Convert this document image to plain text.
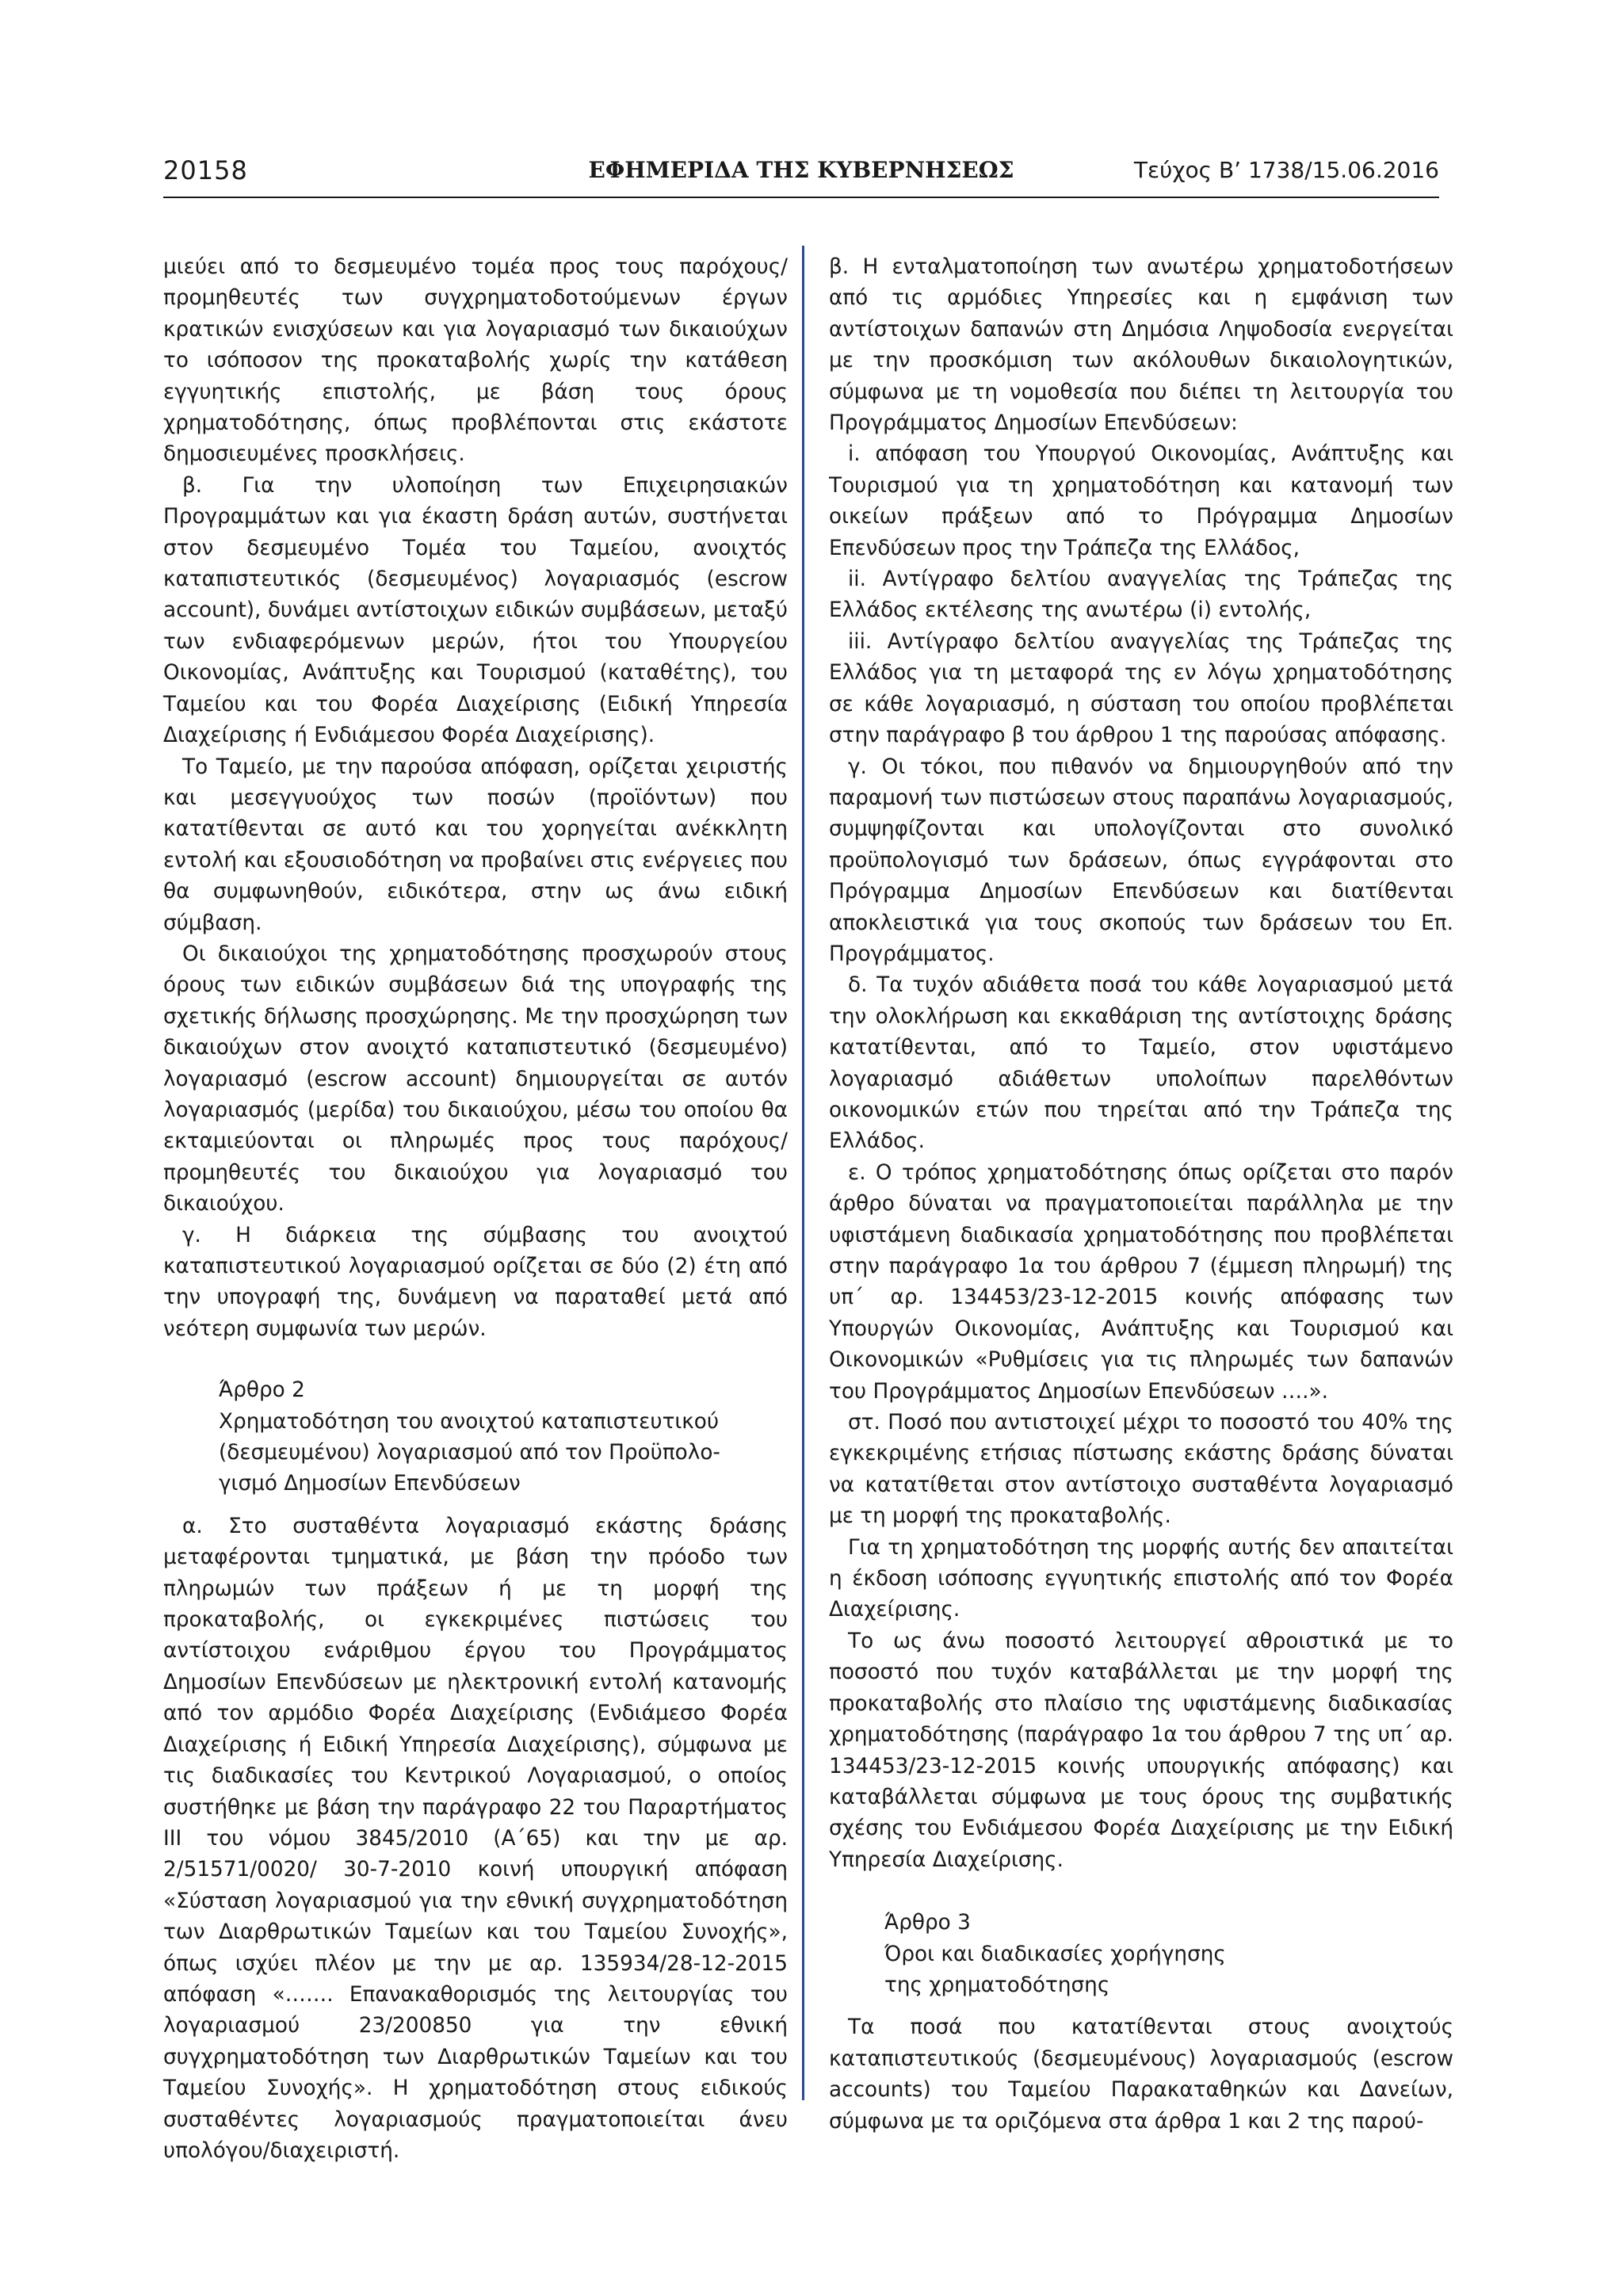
20158	ΕΦΗΜΕΡΙΔΑ ΤΗΣ ΚΥΒΕΡΝΗΣΕΩΣ	Τεύχος Β’ 1738/15.06.2016

μιεύει από το δεσμευμένο τομέα προς τους παρόχους/ προμηθευτές των συγχρηματοδοτούμενων έργων κρατικών ενισχύσεων και για λογαριασμό των δικαιούχων το ισόποσον της προκαταβολής χωρίς την κατάθεση εγγυητικής επιστολής, με βάση τους όρους χρηματοδότησης, όπως προβλέπονται στις εκάστοτε δημοσιευμένες προσκλήσεις.

β. Για την υλοποίηση των Επιχειρησιακών Προγραμμάτων και για έκαστη δράση αυτών, συστήνεται στον δεσμευμένο Τομέα του Ταμείου, ανοιχτός καταπιστευτικός (δεσμευμένος) λογαριασμός (escrow account), δυνάμει αντίστοιχων ειδικών συμβάσεων, μεταξύ των ενδιαφερόμενων μερών, ήτοι του Υπουργείου Οικονομίας, Ανάπτυξης και Τουρισμού (καταθέτης), του Ταμείου και του Φορέα Διαχείρισης (Ειδική Υπηρεσία Διαχείρισης ή Ενδιάμεσου Φορέα Διαχείρισης).

Το Ταμείο, με την παρούσα απόφαση, ορίζεται χειριστής και μεσεγγυούχος των ποσών (προϊόντων) που κατατίθενται σε αυτό και του χορηγείται ανέκκλητη εντολή και εξουσιοδότηση να προβαίνει στις ενέργειες που θα συμφωνηθούν, ειδικότερα, στην ως άνω ειδική σύμβαση.

Οι δικαιούχοι της χρηματοδότησης προσχωρούν στους όρους των ειδικών συμβάσεων διά της υπογραφής της σχετικής δήλωσης προσχώρησης. Με την προσχώρηση των δικαιούχων στον ανοιχτό καταπιστευτικό (δεσμευμένο) λογαριασμό (escrow account) δημιουργείται σε αυτόν λογαριασμός (μερίδα) του δικαιούχου, μέσω του οποίου θα εκταμιεύονται οι πληρωμές προς τους παρόχους/προμηθευτές του δικαιούχου για λογαριασμό του δικαιούχου.

γ. Η διάρκεια της σύμβασης του ανοιχτού καταπιστευτικού λογαριασμού ορίζεται σε δύο (2) έτη από την υπογραφή της, δυνάμενη να παραταθεί μετά από νεότερη συμφωνία των μερών.

Άρθρο 2
Χρηματοδότηση του ανοιχτού καταπιστευτικού
(δεσμευμένου) λογαριασμού από τον Προϋπολο-
γισμό Δημοσίων Επενδύσεων

α. Στο συσταθέντα λογαριασμό εκάστης δράσης μεταφέρονται τμηματικά, με βάση την πρόοδο των πληρωμών των πράξεων ή με τη μορφή της προκαταβολής, οι εγκεκριμένες πιστώσεις του αντίστοιχου ενάριθμου έργου του Προγράμματος Δημοσίων Επενδύσεων με ηλεκτρονική εντολή κατανομής από τον αρμόδιο Φορέα Διαχείρισης (Ενδιάμεσο Φορέα Διαχείρισης ή Ειδική Υπηρεσία Διαχείρισης), σύμφωνα με τις διαδικασίες του Κεντρικού Λογαριασμού, ο οποίος συστήθηκε με βάση την παράγραφο 22 του Παραρτήματος ΙΙΙ του νόμου 3845/2010 (Α΄65) και την με αρ. 2/51571/0020/ 30-7-2010 κοινή υπουργική απόφαση «Σύσταση λογαριασμού για την εθνική συγχρηματοδότηση των Διαρθρωτικών Ταμείων και του Ταμείου Συνοχής», όπως ισχύει πλέον με την με αρ. 135934/28-12-2015 απόφαση «……. Επανακαθορισμός της λειτουργίας του λογαριασμού 23/200850 για την εθνική συγχρηματοδότηση των Διαρθρωτικών Ταμείων και του Ταμείου Συνοχής». Η χρηματοδότηση στους ειδικούς συσταθέντες λογαριασμούς πραγματοποιείται άνευ υπολόγου/διαχειριστή.

β. Η ενταλματοποίηση των ανωτέρω χρηματοδοτήσεων από τις αρμόδιες Υπηρεσίες και η εμφάνιση των αντίστοιχων δαπανών στη Δημόσια Ληψοδοσία ενεργείται με την προσκόμιση των ακόλουθων δικαιολογητικών, σύμφωνα με τη νομοθεσία που διέπει τη λειτουργία του Προγράμματος Δημοσίων Επενδύσεων:

i. απόφαση του Υπουργού Οικονομίας, Ανάπτυξης και Τουρισμού για τη χρηματοδότηση και κατανομή των οικείων πράξεων από το Πρόγραμμα Δημοσίων Επενδύσεων προς την Τράπεζα της Ελλάδος,

ii. Αντίγραφο δελτίου αναγγελίας της Τράπεζας της Ελλάδος εκτέλεσης της ανωτέρω (i) εντολής,

iii. Αντίγραφο δελτίου αναγγελίας της Τράπεζας της Ελλάδος για τη μεταφορά της εν λόγω χρηματοδότησης σε κάθε λογαριασμό, η σύσταση του οποίου προβλέπεται στην παράγραφο β του άρθρου 1 της παρούσας απόφασης.

γ. Οι τόκοι, που πιθανόν να δημιουργηθούν από την παραμονή των πιστώσεων στους παραπάνω λογαριασμούς, συμψηφίζονται και υπολογίζονται στο συνολικό προϋπολογισμό των δράσεων, όπως εγγράφονται στο Πρόγραμμα Δημοσίων Επενδύσεων και διατίθενται αποκλειστικά για τους σκοπούς των δράσεων του Επ. Προγράμματος.

δ. Τα τυχόν αδιάθετα ποσά του κάθε λογαριασμού μετά την ολοκλήρωση και εκκαθάριση της αντίστοιχης δράσης κατατίθενται, από το Ταμείο, στον υφιστάμενο λογαριασμό αδιάθετων υπολοίπων παρελθόντων οικονομικών ετών που τηρείται από την Τράπεζα της Ελλάδος.

ε. Ο τρόπος χρηματοδότησης όπως ορίζεται στο παρόν άρθρο δύναται να πραγματοποιείται παράλληλα με την υφιστάμενη διαδικασία χρηματοδότησης που προβλέπεται στην παράγραφο 1α του άρθρου 7 (έμμεση πληρωμή) της υπ΄ αρ. 134453/23-12-2015 κοινής απόφασης των Υπουργών Οικονομίας, Ανάπτυξης και Τουρισμού και Οικονομικών «Ρυθμίσεις για τις πληρωμές των δαπανών του Προγράμματος Δημοσίων Επενδύσεων ….».

στ. Ποσό που αντιστοιχεί μέχρι το ποσοστό του 40% της εγκεκριμένης ετήσιας πίστωσης εκάστης δράσης δύναται να κατατίθεται στον αντίστοιχο συσταθέντα λογαριασμό με τη μορφή της προκαταβολής.

Για τη χρηματοδότηση της μορφής αυτής δεν απαιτείται η έκδοση ισόποσης εγγυητικής επιστολής από τον Φορέα Διαχείρισης.

Το ως άνω ποσοστό λειτουργεί αθροιστικά με το ποσοστό που τυχόν καταβάλλεται με την μορφή της προκαταβολής στο πλαίσιο της υφιστάμενης διαδικασίας χρηματοδότησης (παράγραφο 1α του άρθρου 7 της υπ΄ αρ. 134453/23-12-2015 κοινής υπουργικής απόφασης) και καταβάλλεται σύμφωνα με τους όρους της συμβατικής σχέσης του Ενδιάμεσου Φορέα Διαχείρισης με την Ειδική Υπηρεσία Διαχείρισης.

Άρθρο 3
Όροι και διαδικασίες χορήγησης
της χρηματοδότησης

Τα ποσά που κατατίθενται στους ανοιχτούς καταπιστευτικούς (δεσμευμένους) λογαριασμούς (escrow accounts) του Ταμείου Παρακαταθηκών και Δανείων, σύμφωνα με τα οριζόμενα στα άρθρα 1 και 2 της παρού-
